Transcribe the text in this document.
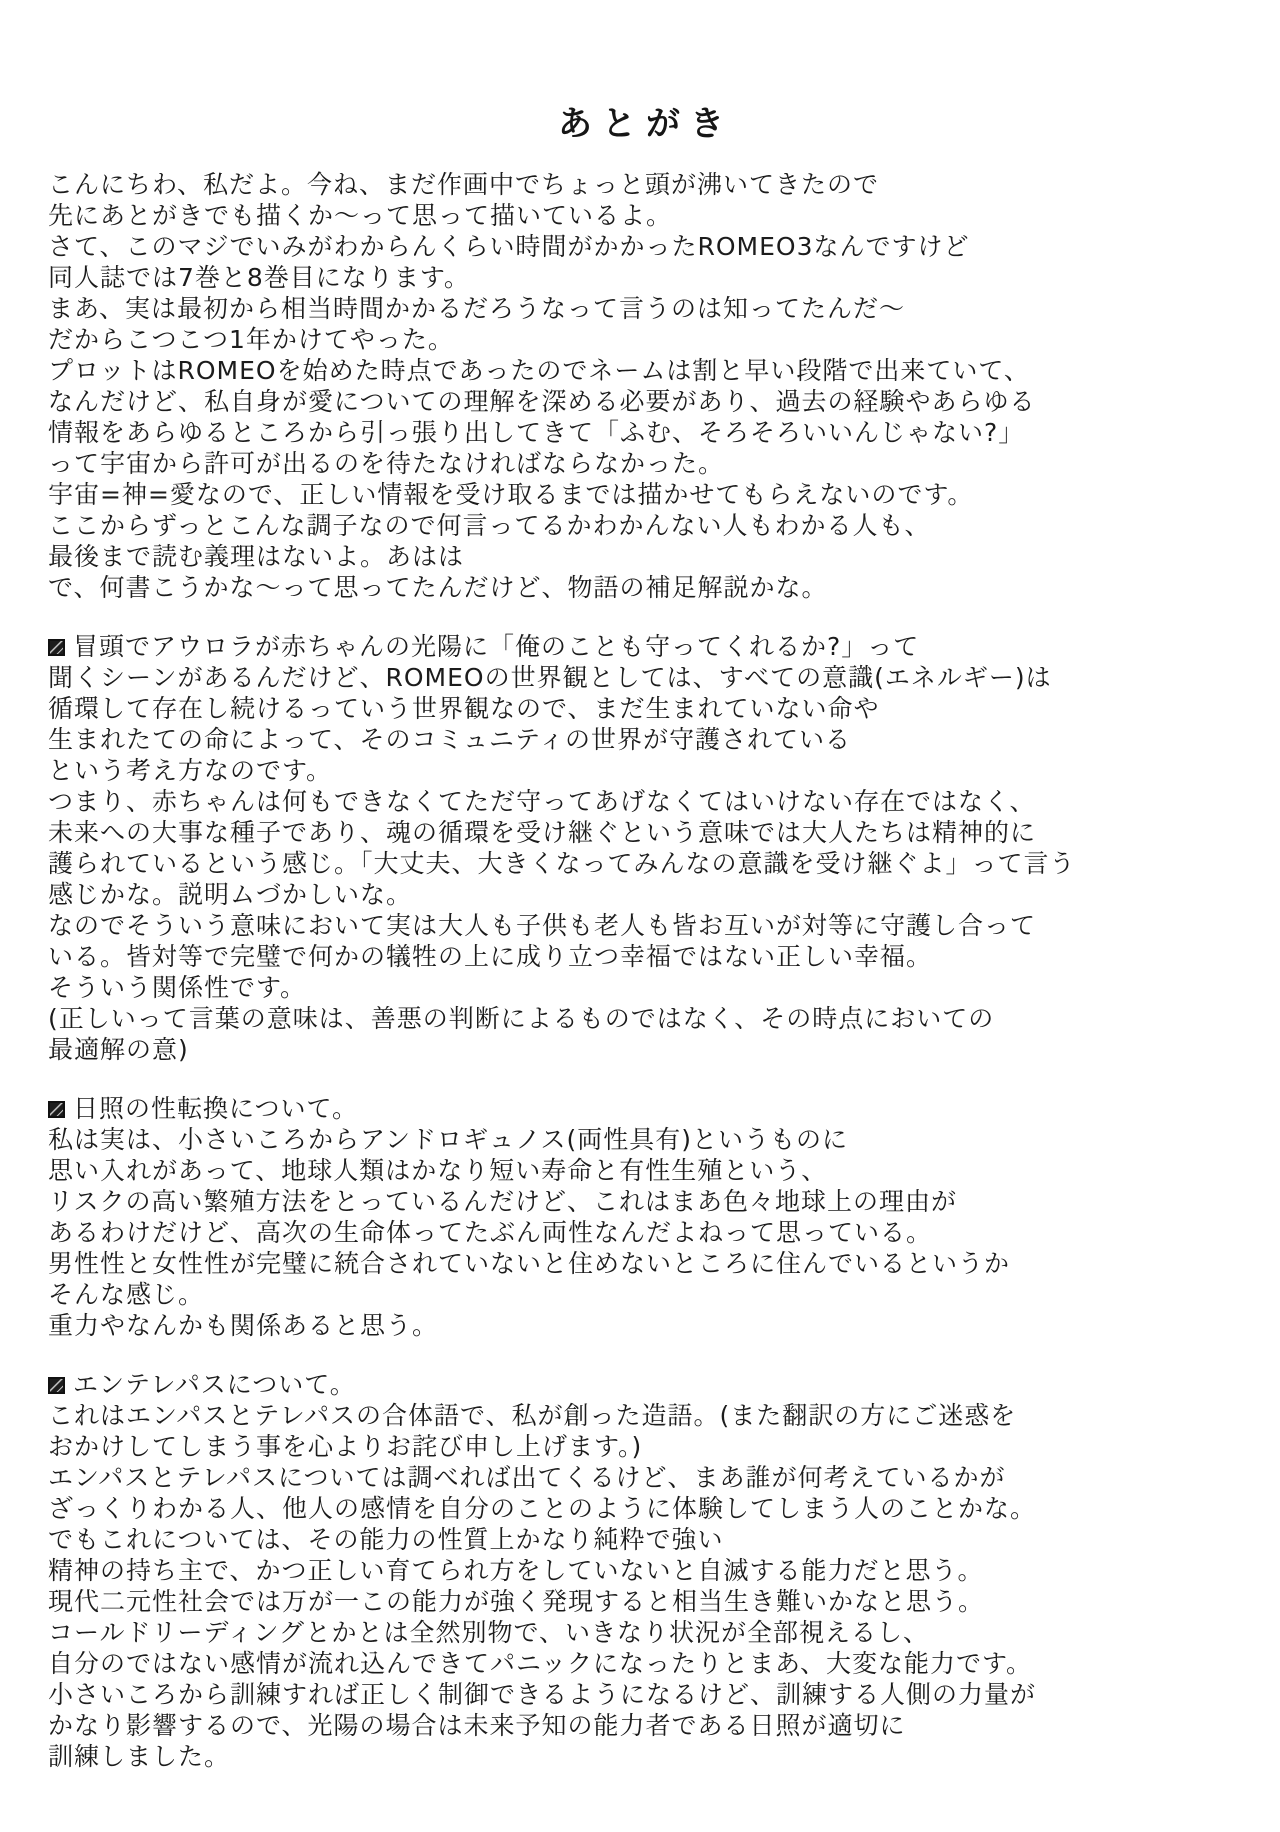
あとがき
こんにちわ、私だよ。今ね、まだ作画中でちょっと頭が沸いてきたので
先にあとがきでも描くか〜って思って描いているよ。
さて、このマジでいみがわからんくらい時間がかかったROMEO3なんですけど
同人誌では7巻と8巻目になります。
まあ、実は最初から相当時間かかるだろうなって言うのは知ってたんだ〜
だからこつこつ1年かけてやった。
プロットはROMEOを始めた時点であったのでネームは割と早い段階で出来ていて、
なんだけど、私自身が愛についての理解を深める必要があり、過去の経験やあらゆる
情報をあらゆるところから引っ張り出してきて「ふむ、そろそろいいんじゃない?」
って宇宙から許可が出るのを待たなければならなかった。
宇宙=神=愛なので、正しい情報を受け取るまでは描かせてもらえないのです。
ここからずっとこんな調子なので何言ってるかわかんない人もわかる人も、
最後まで読む義理はないよ。あはは
で、何書こうかな〜って思ってたんだけど、物語の補足解説かな。
冒頭でアウロラが赤ちゃんの光陽に「俺のことも守ってくれるか?」って
聞くシーンがあるんだけど、ROMEOの世界観としては、すべての意識(エネルギー)は
循環して存在し続けるっていう世界観なので、まだ生まれていない命や
生まれたての命によって、そのコミュニティの世界が守護されている
という考え方なのです。
つまり、赤ちゃんは何もできなくてただ守ってあげなくてはいけない存在ではなく、
未来への大事な種子であり、魂の循環を受け継ぐという意味では大人たちは精神的に
護られているという感じ。「大丈夫、大きくなってみんなの意識を受け継ぐよ」って言う
感じかな。説明ムづかしいな。
なのでそういう意味において実は大人も子供も老人も皆お互いが対等に守護し合って
いる。皆対等で完璧で何かの犠牲の上に成り立つ幸福ではない正しい幸福。
そういう関係性です。
(正しいって言葉の意味は、善悪の判断によるものではなく、その時点においての
最適解の意)
日照の性転換について。
私は実は、小さいころからアンドロギュノス(両性具有)というものに
思い入れがあって、地球人類はかなり短い寿命と有性生殖という、
リスクの高い繁殖方法をとっているんだけど、これはまあ色々地球上の理由が
あるわけだけど、高次の生命体ってたぶん両性なんだよねって思っている。
男性性と女性性が完璧に統合されていないと住めないところに住んでいるというか
そんな感じ。
重力やなんかも関係あると思う。
エンテレパスについて。
これはエンパスとテレパスの合体語で、私が創った造語。(また翻訳の方にご迷惑を
おかけしてしまう事を心よりお詫び申し上げます。)
エンパスとテレパスについては調べれば出てくるけど、まあ誰が何考えているかが
ざっくりわかる人、他人の感情を自分のことのように体験してしまう人のことかな。
でもこれについては、その能力の性質上かなり純粋で強い
精神の持ち主で、かつ正しい育てられ方をしていないと自滅する能力だと思う。
現代二元性社会では万が一この能力が強く発現すると相当生き難いかなと思う。
コールドリーディングとかとは全然別物で、いきなり状況が全部視えるし、
自分のではない感情が流れ込んできてパニックになったりとまあ、大変な能力です。
小さいころから訓練すれば正しく制御できるようになるけど、訓練する人側の力量が
かなり影響するので、光陽の場合は未来予知の能力者である日照が適切に
訓練しました。
